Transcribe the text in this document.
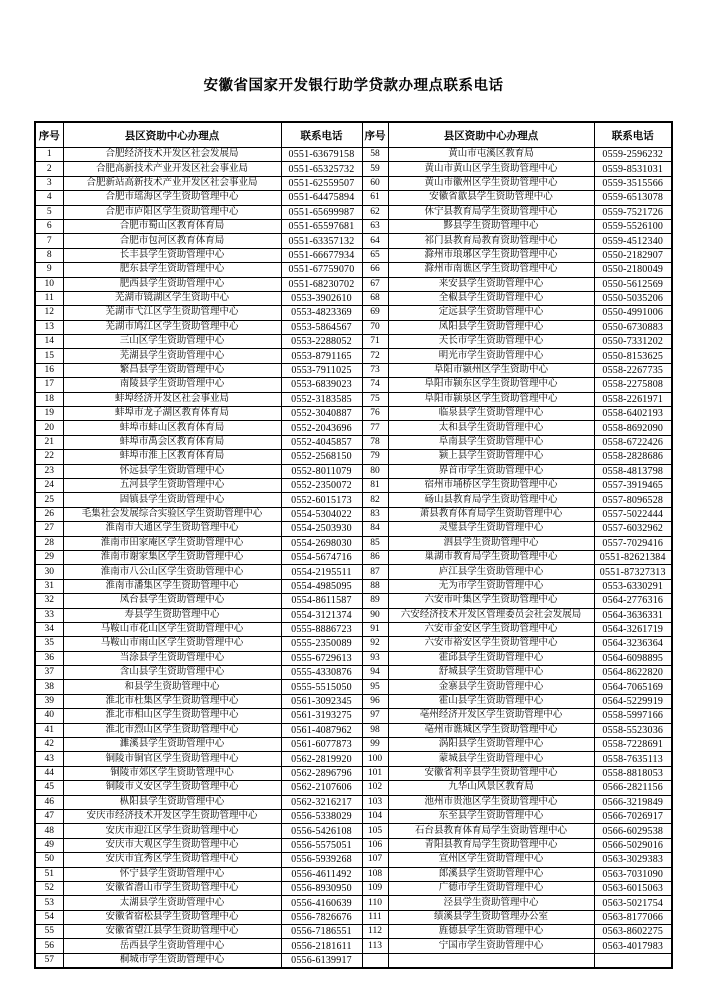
安徽省国家开发银行助学贷款办理点联系电话
序号	县区资助中心办理点	联系电话	序号	县区资助中心办理点	联系电话
1	合肥经济技术开发区社会发展局	0551-63679158	58	黄山市屯溪区教育局	0559-2596232
2	合肥高新技术产业开发区社会事业局	0551-65325732	59	黄山市黄山区学生资助管理中心	0559-8531031
3	合肥新站高新技术产业开发区社会事业局	0551-62559507	60	黄山市徽州区学生资助管理中心	0559-3515566
4	合肥市瑶海区学生资助管理中心	0551-64475894	61	安徽省歙县学生资助管理中心	0559-6513078
5	合肥市庐阳区学生资助管理中心	0551-65699987	62	休宁县教育局学生资助管理中心	0559-7521726
6	合肥市蜀山区教育体育局	0551-65597681	63	黟县学生资助管理中心	0559-5526100
7	合肥市包河区教育体育局	0551-63357132	64	祁门县教育局教育资助管理中心	0559-4512340
8	长丰县学生资助管理中心	0551-66677934	65	滁州市琅琊区学生资助管理中心	0550-2182907
9	肥东县学生资助管理中心	0551-67759070	66	滁州市南谯区学生资助管理中心	0550-2180049
10	肥西县学生资助管理中心	0551-68230702	67	来安县学生资助管理中心	0550-5612569
11	芜湖市镜湖区学生资助中心	0553-3902610	68	全椒县学生资助管理中心	0550-5035206
12	芜湖市弋江区学生资助管理中心	0553-4823369	69	定远县学生资助管理中心	0550-4991006
13	芜湖市鸠江区学生资助管理中心	0553-5864567	70	凤阳县学生资助管理中心	0550-6730883
14	三山区学生资助管理中心	0553-2288052	71	天长市学生资助管理中心	0550-7331202
15	芜湖县学生资助管理中心	0553-8791165	72	明光市学生资助管理中心	0550-8153625
16	繁昌县学生资助管理中心	0553-7911025	73	阜阳市颍州区学生资助中心	0558-2267735
17	南陵县学生资助管理中心	0553-6839023	74	阜阳市颍东区学生资助管理中心	0558-2275808
18	蚌埠经济开发区社会事业局	0552-3183585	75	阜阳市颍泉区学生资助管理中心	0558-2261971
19	蚌埠市龙子湖区教育体育局	0552-3040887	76	临泉县学生资助管理中心	0558-6402193
20	蚌埠市蚌山区教育体育局	0552-2043696	77	太和县学生资助管理中心	0558-8692090
21	蚌埠市禹会区教育体育局	0552-4045857	78	阜南县学生资助管理中心	0558-6722426
22	蚌埠市淮上区教育体育局	0552-2568150	79	颍上县学生资助管理中心	0558-2828686
23	怀远县学生资助管理中心	0552-8011079	80	界首市学生资助管理中心	0558-4813798
24	五河县学生资助管理中心	0552-2350072	81	宿州市埇桥区学生资助管理中心	0557-3919465
25	固镇县学生资助管理中心	0552-6015173	82	砀山县教育局学生资助管理中心	0557-8096528
26	毛集社会发展综合实验区学生资助管理中心	0554-5304022	83	萧县教育体育局学生资助管理中心	0557-5022444
27	淮南市大通区学生资助管理中心	0554-2503930	84	灵璧县学生资助管理中心	0557-6032962
28	淮南市田家庵区学生资助管理中心	0554-2698030	85	泗县学生资助管理中心	0557-7029416
29	淮南市谢家集区学生资助管理中心	0554-5674716	86	巢湖市教育局学生资助管理中心	0551-82621384
30	淮南市八公山区学生资助管理中心	0554-2195511	87	庐江县学生资助管理中心	0551-87327313
31	淮南市潘集区学生资助管理中心	0554-4985095	88	无为市学生资助管理中心	0553-6330291
32	凤台县学生资助管理中心	0554-8611587	89	六安市叶集区学生资助管理中心	0564-2776316
33	寿县学生资助管理中心	0554-3121374	90	六安经济技术开发区管理委员会社会发展局	0564-3636331
34	马鞍山市花山区学生资助管理中心	0555-8886723	91	六安市金安区学生资助管理中心	0564-3261719
35	马鞍山市雨山区学生资助管理中心	0555-2350089	92	六安市裕安区学生资助管理中心	0564-3236364
36	当涂县学生资助管理中心	0555-6729613	93	霍邱县学生资助管理中心	0564-6098895
37	含山县学生资助管理中心	0555-4330876	94	舒城县学生资助管理中心	0564-8622820
38	和县学生资助管理中心	0555-5515050	95	金寨县学生资助管理中心	0564-7065169
39	淮北市杜集区学生资助管理中心	0561-3092345	96	霍山县学生资助管理中心	0564-5229919
40	淮北市相山区学生资助管理中心	0561-3193275	97	亳州经济开发区学生资助管理中心	0558-5997166
41	淮北市烈山区学生资助管理中心	0561-4087962	98	亳州市谯城区学生资助管理中心	0558-5523036
42	濉溪县学生资助管理中心	0561-6077873	99	涡阳县学生资助管理中心	0558-7228691
43	铜陵市铜官区学生资助管理中心	0562-2819920	100	蒙城县学生资助管理中心	0558-7635113
44	铜陵市郊区学生资助管理中心	0562-2896796	101	安徽省利辛县学生资助管理中心	0558-8818053
45	铜陵市义安区学生资助管理中心	0562-2107606	102	九华山风景区教育局	0566-2821156
46	枞阳县学生资助管理中心	0562-3216217	103	池州市贵池区学生资助管理中心	0566-3219849
47	安庆市经济技术开发区学生资助管理中心	0556-5338029	104	东至县学生资助管理中心	0566-7026917
48	安庆市迎江区学生资助管理中心	0556-5426108	105	石台县教育体育局学生资助管理中心	0566-6029538
49	安庆市大观区学生资助管理中心	0556-5575051	106	青阳县教育局学生资助管理中心	0566-5029016
50	安庆市宜秀区学生资助管理中心	0556-5939268	107	宣州区学生资助管理中心	0563-3029383
51	怀宁县学生资助管理中心	0556-4611492	108	郎溪县学生资助管理中心	0563-7031090
52	安徽省潜山市学生资助管理中心	0556-8930950	109	广德市学生资助管理中心	0563-6015063
53	太湖县学生资助管理中心	0556-4160639	110	泾县学生资助管理中心	0563-5021754
54	安徽省宿松县学生资助管理中心	0556-7826676	111	绩溪县学生资助管理办公室	0563-8177066
55	安徽省望江县学生资助管理中心	0556-7186551	112	旌德县学生资助管理中心	0563-8602275
56	岳西县学生资助管理中心	0556-2181611	113	宁国市学生资助管理中心	0563-4017983
57	桐城市学生资助管理中心	0556-6139917			
